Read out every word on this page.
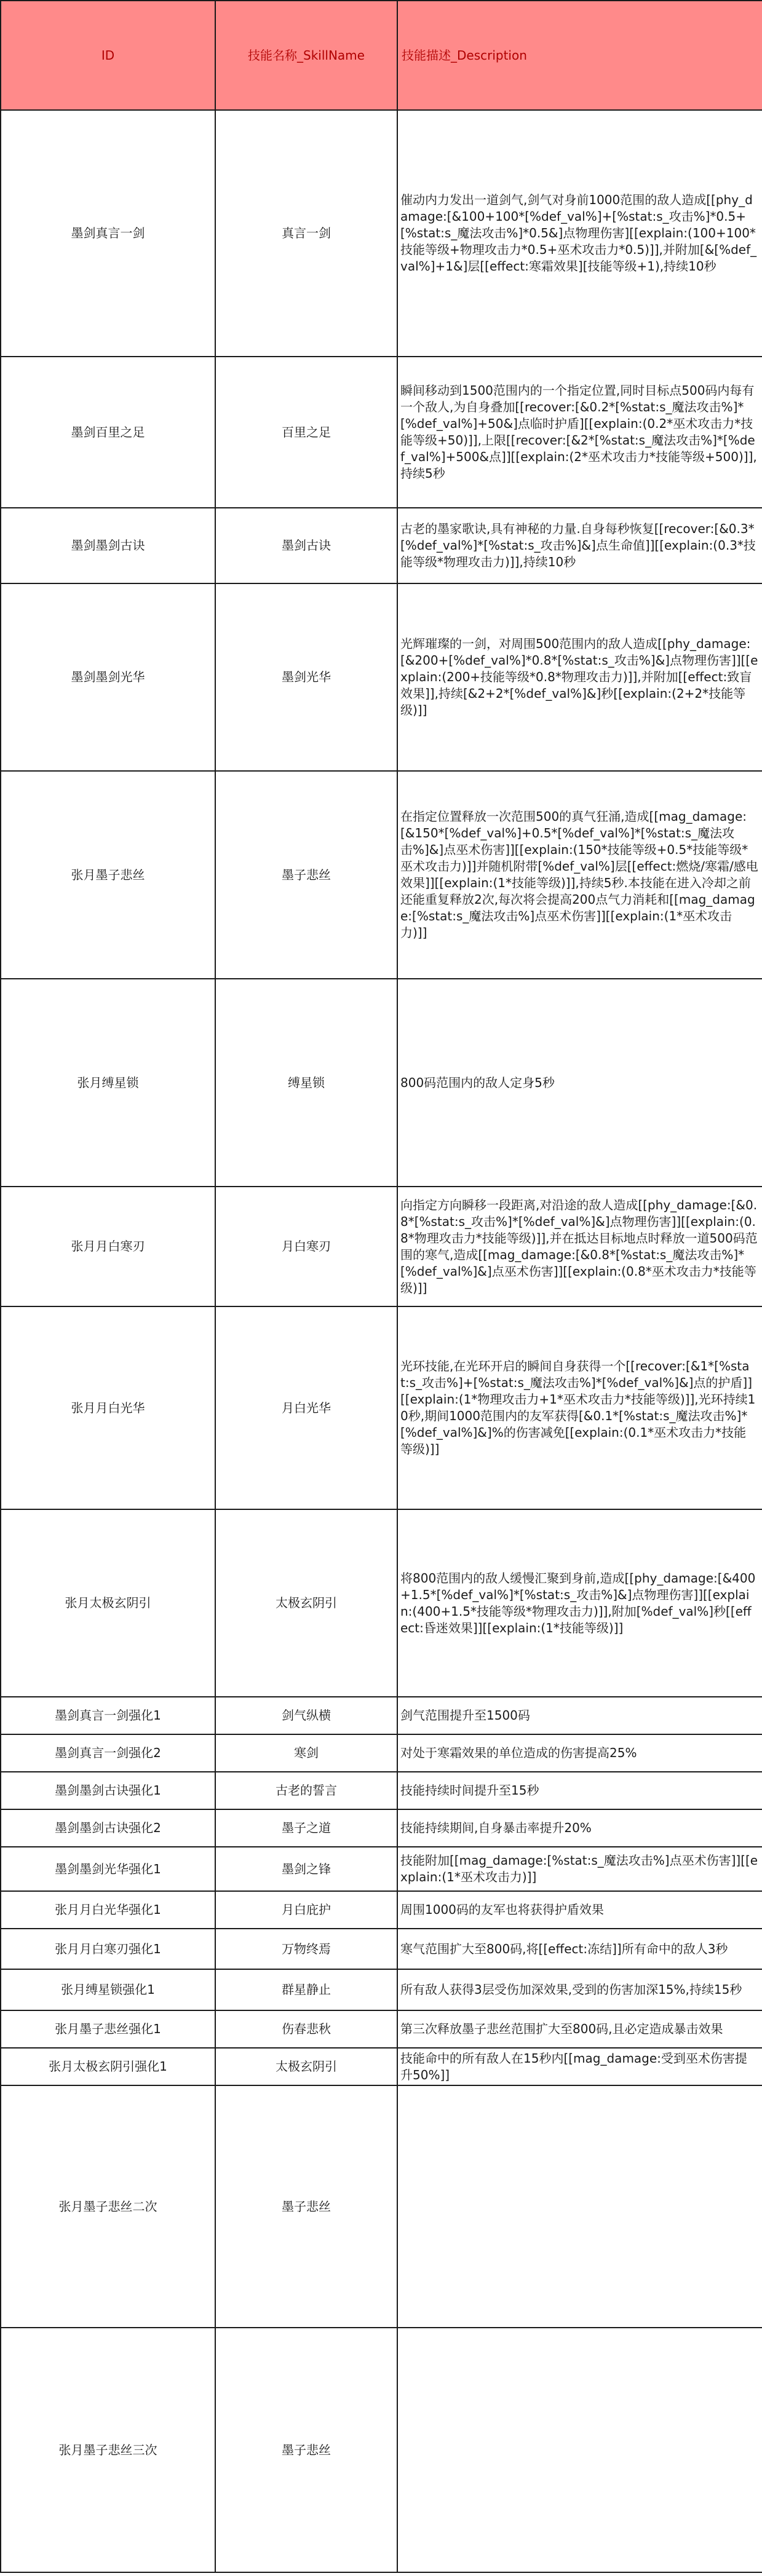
ID	技能名称_SkillName	技能描述_Description
墨剑真言一剑	真言一剑	催动内力发出一道剑气,剑气对身前1000范围的敌人造成[[phy_damage:[&100+100*[%def_val%]+[%stat:s_攻击%]*0.5+[%stat:s_魔法攻击%]*0.5&]点物理伤害][[explain:(100+100*技能等级+物理攻击力*0.5+巫术攻击力*0.5)]],并附加[&[%def_val%]+1&]层[[effect:寒霜效果][技能等级+1),持续10秒
墨剑百里之足	百里之足	瞬间移动到1500范围内的一个指定位置,同时目标点500码内每有一个敌人,为自身叠加[[recover:[&0.2*[%stat:s_魔法攻击%]*[%def_val%]+50&]点临时护盾][[explain:(0.2*巫术攻击力*技能等级+50)]],上限[[recover:[&2*[%stat:s_魔法攻击%]*[%def_val%]+500&点]][[explain:(2*巫术攻击力*技能等级+500)]],持续5秒
墨剑墨剑古诀	墨剑古诀	古老的墨家歌诀,具有神秘的力量.自身每秒恢复[[recover:[&0.3*[%def_val%]*[%stat:s_攻击%]&]点生命值]][[explain:(0.3*技能等级*物理攻击力)]],持续10秒
墨剑墨剑光华	墨剑光华	光辉璀璨的一剑，对周围500范围内的敌人造成[[phy_damage:[&200+[%def_val%]*0.8*[%stat:s_攻击%]&]点物理伤害]][[explain:(200+技能等级*0.8*物理攻击力)]],并附加[[effect:致盲效果]],持续[&2+2*[%def_val%]&]秒[[explain:(2+2*技能等级)]]
张月墨子悲丝	墨子悲丝	在指定位置释放一次范围500的真气狂涌,造成[[mag_damage:[&150*[%def_val%]+0.5*[%def_val%]*[%stat:s_魔法攻击%]&]点巫术伤害]][[explain:(150*技能等级+0.5*技能等级*巫术攻击力)]]并随机附带[%def_val%]层[[effect:燃烧/寒霜/感电效果]][[explain:(1*技能等级)]],持续5秒.本技能在进入冷却之前还能重复释放2次,每次将会提高200点气力消耗和[[mag_damage:[%stat:s_魔法攻击%]点巫术伤害]][[explain:(1*巫术攻击力)]]
张月缚星锁	缚星锁	800码范围内的敌人定身5秒
张月月白寒刃	月白寒刃	向指定方向瞬移一段距离,对沿途的敌人造成[[phy_damage:[&0.8*[%stat:s_攻击%]*[%def_val%]&]点物理伤害]][[explain:(0.8*物理攻击力*技能等级)]],并在抵达目标地点时释放一道500码范围的寒气,造成[[mag_damage:[&0.8*[%stat:s_魔法攻击%]*[%def_val%]&]点巫术伤害]][[explain:(0.8*巫术攻击力*技能等级)]]

张月月白光华	月白光华	光环技能,在光环开启的瞬间自身获得一个[[recover:[&1*[%stat:s_攻击%]+[%stat:s_魔法攻击%]*[%def_val%]&]点的护盾]][[explain:(1*物理攻击力+1*巫术攻击力*技能等级)]],光环持续10秒,期间1000范围内的友军获得[&0.1*[%stat:s_魔法攻击%]*[%def_val%]&]%的伤害减免[[explain:(0.1*巫术攻击力*技能等级)]]
张月太极玄阴引	太极玄阴引	将800范围内的敌人缓慢汇聚到身前,造成[[phy_damage:[&400+1.5*[%def_val%]*[%stat:s_攻击%]&]点物理伤害]][[explain:(400+1.5*技能等级*物理攻击力)]],附加[%def_val%]秒[[effect:昏迷效果]][[explain:(1*技能等级)]]
墨剑真言一剑强化1	剑气纵横	剑气范围提升至1500码
墨剑真言一剑强化2	寒剑	对处于寒霜效果的单位造成的伤害提高25%
墨剑墨剑古诀强化1	古老的誓言	技能持续时间提升至15秒
墨剑墨剑古诀强化2	墨子之道	技能持续期间,自身暴击率提升20%
墨剑墨剑光华强化1	墨剑之锋	技能附加[[mag_damage:[%stat:s_魔法攻击%]点巫术伤害]][[explain:(1*巫术攻击力)]]
张月月白光华强化1	月白庇护	周围1000码的友军也将获得护盾效果
张月月白寒刃强化1	万物终焉	寒气范围扩大至800码,将[[effect:冻结]]所有命中的敌人3秒
张月缚星锁强化1	群星静止	所有敌人获得3层受伤加深效果,受到的伤害加深15%,持续15秒
张月墨子悲丝强化1	伤春悲秋	第三次释放墨子悲丝范围扩大至800码,且必定造成暴击效果
张月太极玄阴引强化1	太极玄阴引	技能命中的所有敌人在15秒内[[mag_damage:受到巫术伤害提升50%]]
张月墨子悲丝二次	墨子悲丝	
张月墨子悲丝三次	墨子悲丝	
